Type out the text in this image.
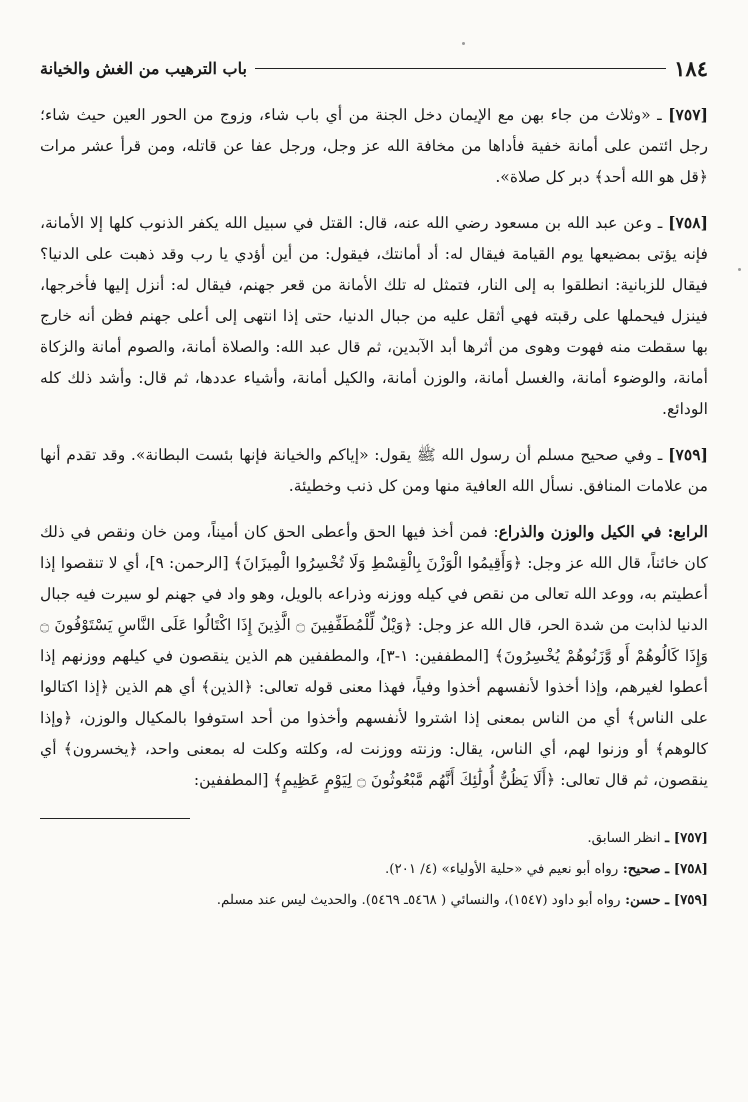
١٨٤
باب الترهيب من الغش والخيانة

[٧٥٧] ـ «وثلاث من جاء بهن مع الإيمان دخل الجنة من أي باب شاء، وزوج من الحور العين حيث شاء؛ رجل ائتمن على أمانة خفية فأداها من مخافة الله عز وجل، ورجل عفا عن قاتله، ومن قرأ عشر مرات ﴿قل هو الله أحد﴾ دبر كل صلاة».

[٧٥٨] ـ وعن عبد الله بن مسعود رضي الله عنه، قال: القتل في سبيل الله يكفر الذنوب كلها إلا الأمانة، فإنه يؤتى بمضيعها يوم القيامة فيقال له: أد أمانتك، فيقول: من أين أؤدي يا رب وقد ذهبت على الدنيا؟ فيقال للزبانية: انطلقوا به إلى النار، فتمثل له تلك الأمانة من قعر جهنم، فيقال له: أنزل إليها فأخرجها، فينزل فيحملها على رقبته فهي أثقل عليه من جبال الدنيا، حتى إذا انتهى إلى أعلى جهنم فظن أنه خارج بها سقطت منه فهوت وهوى من أثرها أبد الآبدين، ثم قال عبد الله: والصلاة أمانة، والصوم أمانة والزكاة أمانة، والوضوء أمانة، والغسل أمانة، والوزن أمانة، والكيل أمانة، وأشياء عددها، ثم قال: وأشد ذلك كله الودائع.

[٧٥٩] ـ وفي صحيح مسلم أن رسول الله ﷺ يقول: «إياكم والخيانة فإنها بئست البطانة». وقد تقدم أنها من علامات المنافق. نسأل الله العافية منها ومن كل ذنب وخطيئة.

الرابع: في الكيل والوزن والذراع: فمن أخذ فيها الحق وأعطى الحق كان أميناً، ومن خان ونقص في ذلك كان خائناً، قال الله عز وجل: ﴿وَأَقِيمُوا الْوَزْنَ بِالْقِسْطِ وَلَا تُخْسِرُوا الْمِيزَانَ﴾ [الرحمن: ٩]، أي لا تنقصوا إذا أعطيتم به، ووعد الله تعالى من نقص في كيله ووزنه وذراعه بالويل، وهو واد في جهنم لو سيرت فيه جبال الدنيا لذابت من شدة الحر، قال الله عز وجل: ﴿وَيْلٌ لِّلْمُطَفِّفِينَ ۝ الَّذِينَ إِذَا اكْتَالُوا عَلَى النَّاسِ يَسْتَوْفُونَ ۝ وَإِذَا كَالُوهُمْ أَو وَّزَنُوهُمْ يُخْسِرُونَ﴾ [المطففين: ١-٣]، والمطففين هم الذين ينقصون في كيلهم ووزنهم إذا أعطوا لغيرهم، وإذا أخذوا لأنفسهم أخذوا وفياً، فهذا معنى قوله تعالى: ﴿الذين﴾ أي هم الذين ﴿إذا اكتالوا على الناس﴾ أي من الناس بمعنى إذا اشتروا لأنفسهم وأخذوا من أحد استوفوا بالمكيال والوزن، ﴿وإذا كالوهم﴾ أو وزنوا لهم، أي الناس، يقال: وزنته ووزنت له، وكلته وكلت له بمعنى واحد، ﴿يخسرون﴾ أي ينقصون، ثم قال تعالى: ﴿أَلَا يَظُنُّ أُولَٰئِكَ أَنَّهُم مَّبْعُوثُونَ ۝ لِيَوْمٍ عَظِيمٍ﴾ [المطففين:

[٧٥٧] ـ انظر السابق.

[٧٥٨] ـ صحيح: رواه أبو نعيم في «حلية الأولياء» (٤/ ٢٠١).

[٧٥٩] ـ حسن: رواه أبو داود (١٥٤٧)، والنسائي ( ٥٤٦٨ـ ٥٤٦٩). والحديث ليس عند مسلم.
